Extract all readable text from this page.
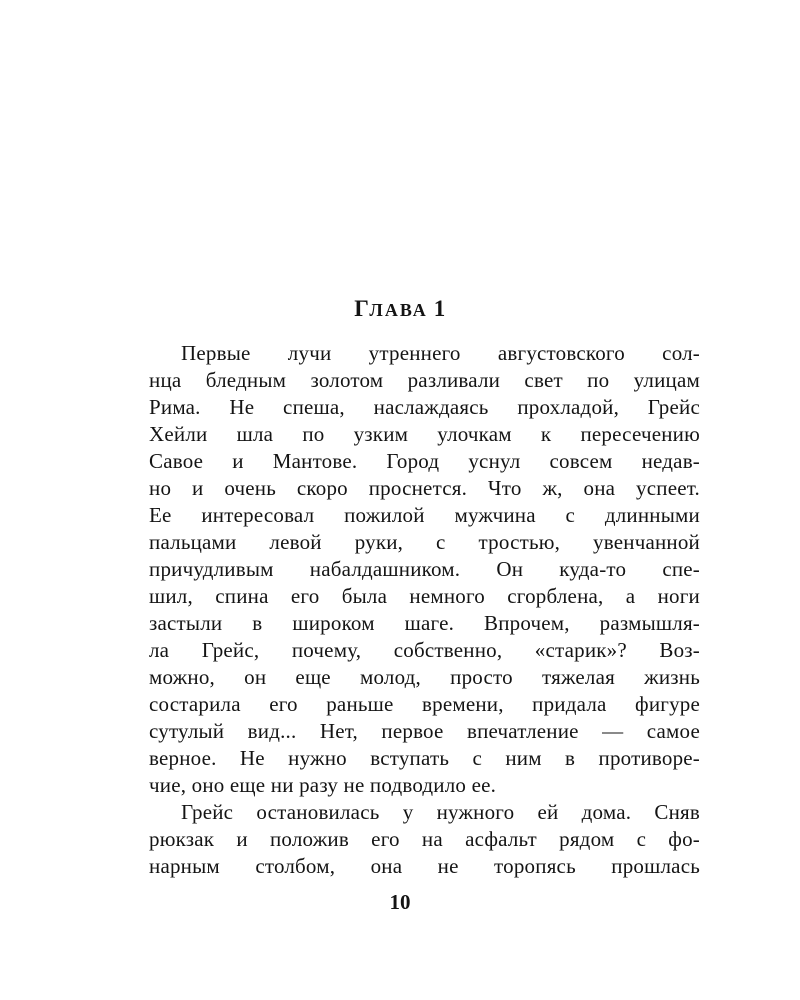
ГЛАВА 1

Первые лучи утреннего августовского сол-
нца бледным золотом разливали свет по улицам
Рима. Не спеша, наслаждаясь прохладой, Грейс
Хейли шла по узким улочкам к пересечению
Савое и Мантове. Город уснул совсем недав-
но и очень скоро проснется. Что ж, она успеет.
Ее интересовал пожилой мужчина с длинными
пальцами левой руки, с тростью, увенчанной
причудливым набалдашником. Он куда-то спе-
шил, спина его была немного сгорблена, а ноги
застыли в широком шаге. Впрочем, размышля-
ла Грейс, почему, собственно, «старик»? Воз-
можно, он еще молод, просто тяжелая жизнь
состарила его раньше времени, придала фигуре
сутулый вид... Нет, первое впечатление — самое
верное. Не нужно вступать с ним в противоре-
чие, оно еще ни разу не подводило ее.

Грейс остановилась у нужного ей дома. Сняв
рюкзак и положив его на асфальт рядом с фо-
нарным столбом, она не торопясь прошлась

10
